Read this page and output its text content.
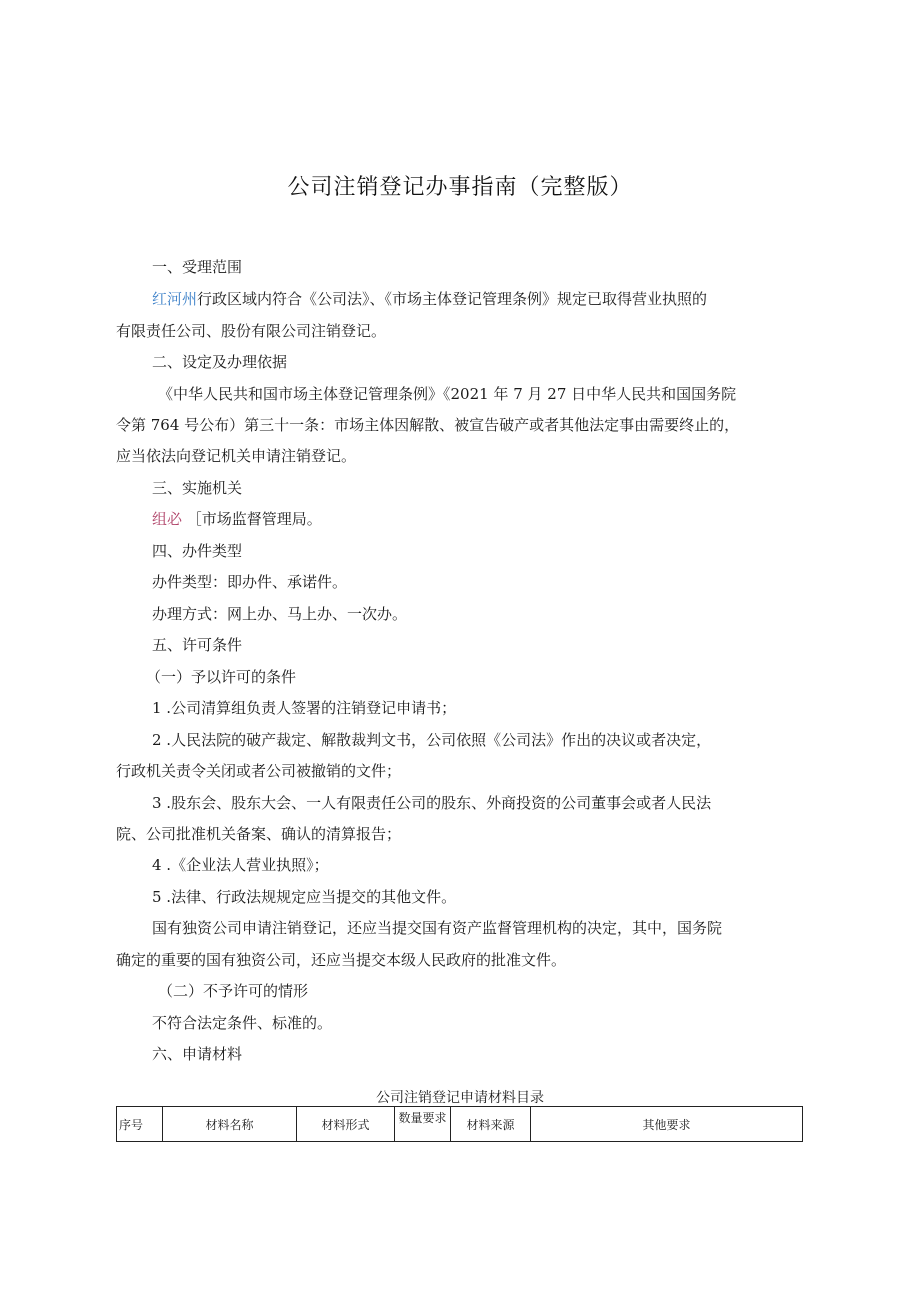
公司注销登记办事指南（完整版）
一、受理范围
红河州行政区域内符合《公司法》、《市场主体登记管理条例》规定已取得营业执照的
有限责任公司、股份有限公司注销登记。
二、设定及办理依据
《中华人民共和国市场主体登记管理条例》《2021 年 7 月 27 日中华人民共和国国务院
令第 764 号公布）第三十一条：市场主体因解散、被宣告破产或者其他法定事由需要终止的，
应当依法向登记机关申请注销登记。
三、实施机关
组必 ［市场监督管理局。
四、办件类型
办件类型：即办件、承诺件。
办理方式：网上办、马上办、一次办。
五、许可条件
（一）予以许可的条件
1 .公司清算组负责人签署的注销登记申请书；
2 .人民法院的破产裁定、解散裁判文书，公司依照《公司法》作出的决议或者决定，
行政机关责令关闭或者公司被撤销的文件；
3 .股东会、股东大会、一人有限责任公司的股东、外商投资的公司董事会或者人民法
院、公司批准机关备案、确认的清算报告；
4 .《企业法人营业执照》；
5 .法律、行政法规规定应当提交的其他文件。
国有独资公司申请注销登记，还应当提交国有资产监督管理机构的决定，其中，国务院
确定的重要的国有独资公司，还应当提交本级人民政府的批准文件。
（二）不予许可的情形
不符合法定条件、标准的。
六、申请材料
公司注销登记申请材料目录
序号	材料名称	材料形式	数量要求	材料来源	其他要求
